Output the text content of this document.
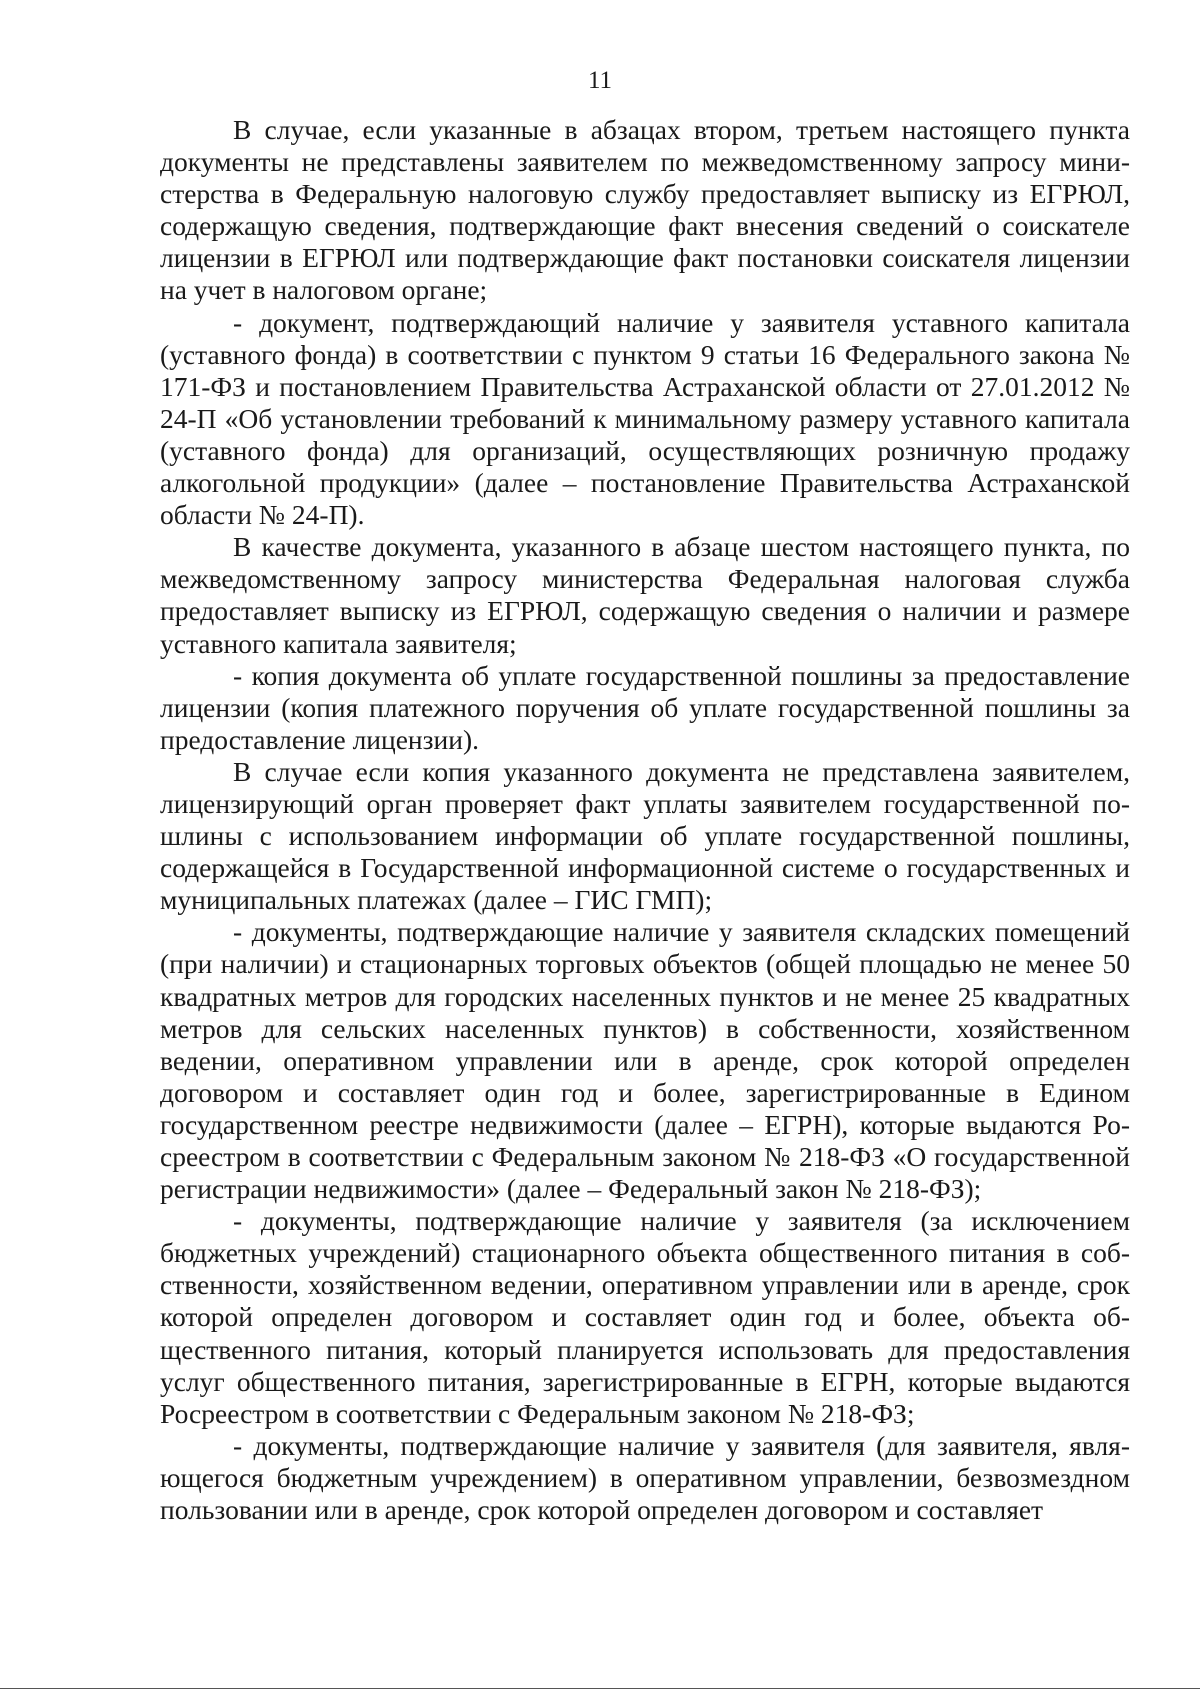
11

В случае, если указанные в абзацах втором, третьем настоящего пункта документы не представлены заявителем по межведомственному запросу министерства в Федеральную налоговую службу предоставляет выписку из ЕГРЮЛ, содержащую сведения, подтверждающие факт внесения сведений о соискателе лицензии в ЕГРЮЛ или подтверждающие факт постановки соискателя лицензии на учет в налоговом органе;

- документ, подтверждающий наличие у заявителя уставного капитала (уставного фонда) в соответствии с пунктом 9 статьи 16 Федерального закона № 171-ФЗ и постановлением Правительства Астраханской области от 27.01.2012 № 24-П «Об установлении требований к минимальному размеру уставного капитала (уставного фонда) для организаций, осуществляющих розничную продажу алкогольной продукции» (далее – постановление Правительства Астраханской области № 24-П).

В качестве документа, указанного в абзаце шестом настоящего пункта, по межведомственному запросу министерства Федеральная налоговая служба предоставляет выписку из ЕГРЮЛ, содержащую сведения о наличии и размере уставного капитала заявителя;

- копия документа об уплате государственной пошлины за предоставление лицензии (копия платежного поручения об уплате государственной пошлины за предоставление лицензии).

В случае если копия указанного документа не представлена заявителем, лицензирующий орган проверяет факт уплаты заявителем государственной пошлины с использованием информации об уплате государственной пошлины, содержащейся в Государственной информационной системе о государственных и муниципальных платежах (далее – ГИС ГМП);

- документы, подтверждающие наличие у заявителя складских помещений (при наличии) и стационарных торговых объектов (общей площадью не менее 50 квадратных метров для городских населенных пунктов и не менее 25 квадратных метров для сельских населенных пунктов) в собственности, хозяйственном ведении, оперативном управлении или в аренде, срок которой определен договором и составляет один год и более, зарегистрированные в Едином государственном реестре недвижимости (далее – ЕГРН), которые выдаются Росреестром в соответствии с Федеральным законом № 218-ФЗ «О государственной регистрации недвижимости» (далее – Федеральный закон № 218-ФЗ);

- документы, подтверждающие наличие у заявителя (за исключением бюджетных учреждений) стационарного объекта общественного питания в собственности, хозяйственном ведении, оперативном управлении или в аренде, срок которой определен договором и составляет один год и более, объекта общественного питания, который планируется использовать для предоставления услуг общественного питания, зарегистрированные в ЕГРН, которые выдаются Росреестром в соответствии с Федеральным законом № 218-ФЗ;

- документы, подтверждающие наличие у заявителя (для заявителя, являющегося бюджетным учреждением) в оперативном управлении, безвозмездном пользовании или в аренде, срок которой определен договором и составляет
